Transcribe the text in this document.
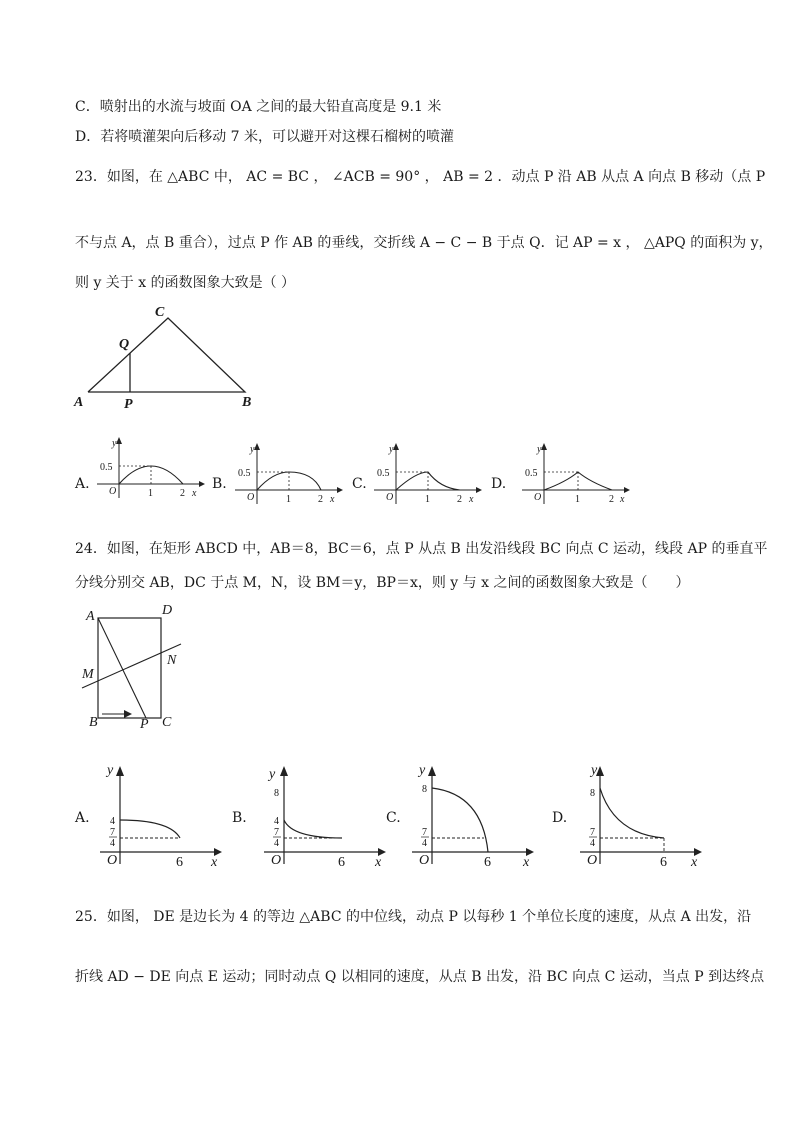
C．喷射出的水流与坡面 OA 之间的最大铅直高度是 9.1 米
D．若将喷灌架向后移动 7 米，可以避开对这棵石榴树的喷灌
23．如图，在 △ABC 中， AC = BC ， ∠ACB = 90° ， AB = 2 ．动点 P 沿 AB 从点 A 向点 B 移动（点 P
不与点 A，点 B 重合），过点 P 作 AB 的垂线，交折线 A − C − B 于点 Q．记 AP = x ， △APQ 的面积为 y，
则 y 关于 x 的函数图象大致是（ ）
C
Q
A	P	B
A.	B.	C.	D.
y
0.5
O	1	2 x
y
0.5
O	1	2 x
y
0.5
O	1	2 x
y
0.5
O	1	2 x
24．如图，在矩形 ABCD 中，AB＝8，BC＝6，点 P 从点 B 出发沿线段 BC 向点 C 运动，线段 AP 的垂直平
分线分别交 AB，DC 于点 M，N，设 BM＝y，BP＝x，则 y 与 x 之间的函数图象大致是（　　）
A	D
M
N
B	P C
A.	B.	C.	D.
y
4
7
4
O	6 x
y
8
4
7
4
O	6 x
y
8
7
4
O	6 x
y
8
7
4
O	6 x
25．如图， DE 是边长为 4 的等边 △ABC 的中位线，动点 P 以每秒 1 个单位长度的速度，从点 A 出发，沿
折线 AD − DE 向点 E 运动；同时动点 Q 以相同的速度，从点 B 出发，沿 BC 向点 C 运动，当点 P 到达终点
